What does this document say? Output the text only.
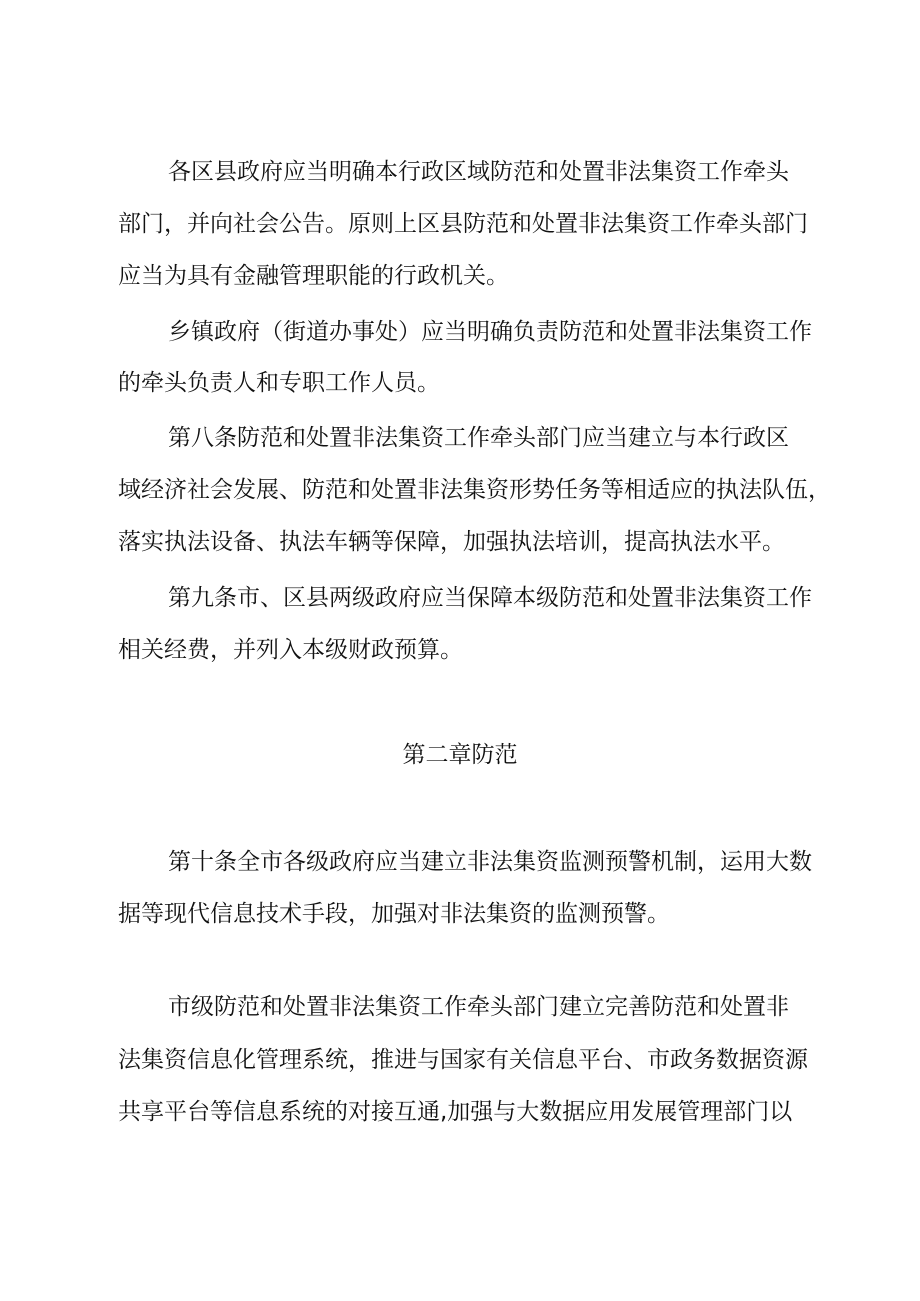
各区县政府应当明确本行政区域防范和处置非法集资工作牵头
部门，并向社会公告。原则上区县防范和处置非法集资工作牵头部门
应当为具有金融管理职能的行政机关。
乡镇政府（街道办事处）应当明确负责防范和处置非法集资工作
的牵头负责人和专职工作人员。
第八条防范和处置非法集资工作牵头部门应当建立与本行政区
域经济社会发展、防范和处置非法集资形势任务等相适应的执法队伍，
落实执法设备、执法车辆等保障，加强执法培训，提高执法水平。
第九条市、区县两级政府应当保障本级防范和处置非法集资工作
相关经费，并列入本级财政预算。
第二章防范
第十条全市各级政府应当建立非法集资监测预警机制，运用大数
据等现代信息技术手段，加强对非法集资的监测预警。
市级防范和处置非法集资工作牵头部门建立完善防范和处置非
法集资信息化管理系统，推进与国家有关信息平台、市政务数据资源
共享平台等信息系统的对接互通,加强与大数据应用发展管理部门以
